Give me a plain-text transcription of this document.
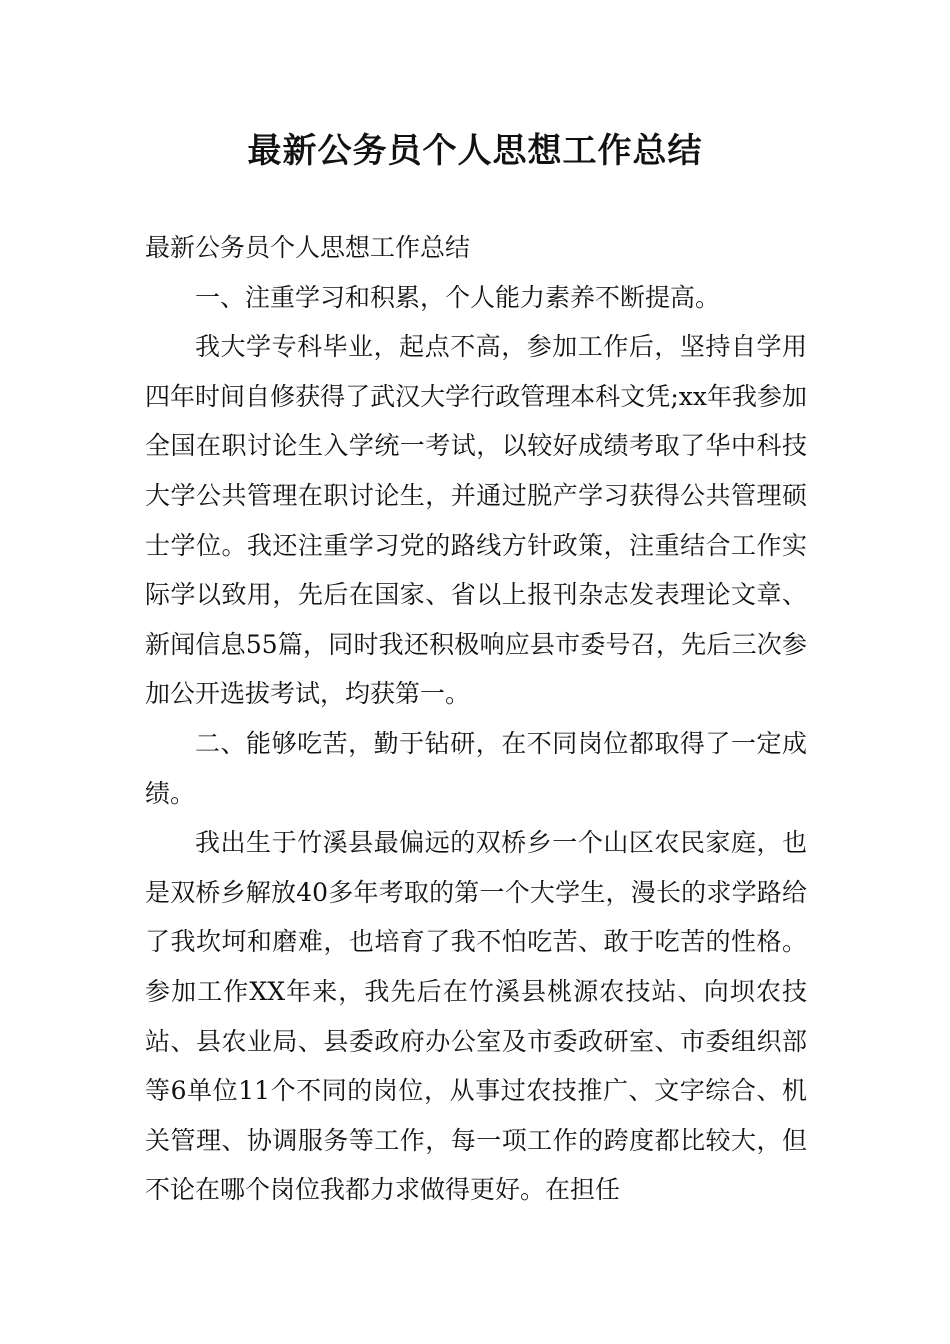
最新公务员个人思想工作总结

最新公务员个人思想工作总结

一、注重学习和积累，个人能力素养不断提高。

我大学专科毕业，起点不高，参加工作后，坚持自学用四年时间自修获得了武汉大学行政管理本科文凭;xx年我参加全国在职讨论生入学统一考试，以较好成绩考取了华中科技大学公共管理在职讨论生，并通过脱产学习获得公共管理硕士学位。我还注重学习党的路线方针政策，注重结合工作实际学以致用，先后在国家、省以上报刊杂志发表理论文章、新闻信息55篇，同时我还积极响应县市委号召，先后三次参加公开选拔考试，均获第一。

二、能够吃苦，勤于钻研，在不同岗位都取得了一定成绩。

我出生于竹溪县最偏远的双桥乡一个山区农民家庭，也是双桥乡解放40多年考取的第一个大学生，漫长的求学路给了我坎坷和磨难，也培育了我不怕吃苦、敢于吃苦的性格。参加工作XX年来，我先后在竹溪县桃源农技站、向坝农技站、县农业局、县委政府办公室及市委政研室、市委组织部等6单位11个不同的岗位，从事过农技推广、文字综合、机关管理、协调服务等工作，每一项工作的跨度都比较大，但不论在哪个岗位我都力求做得更好。在担任
